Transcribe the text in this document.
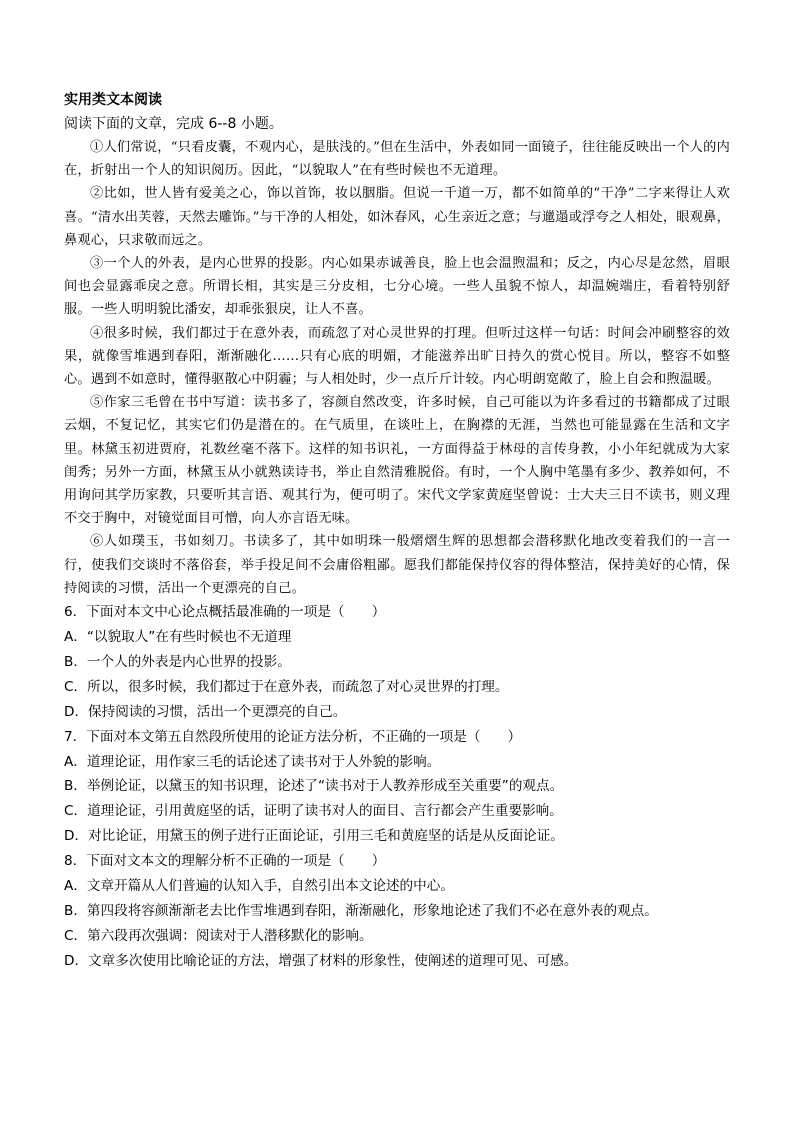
实用类文本阅读

阅读下面的文章，完成 6--8 小题。

①人们常说，“只看皮囊，不观内心，是肤浅的。”但在生活中，外表如同一面镜子，往往能反映出一个人的内在，折射出一个人的知识阅历。因此，“以貌取人”在有些时候也不无道理。

②比如，世人皆有爱美之心，饰以首饰，妆以胭脂。但说一千道一万，都不如简单的“干净”二字来得让人欢喜。“清水出芙蓉，天然去雕饰。”与干净的人相处，如沐春风，心生亲近之意；与邋遢或浮夸之人相处，眼观鼻，鼻观心，只求敬而远之。

③一个人的外表，是内心世界的投影。内心如果赤诚善良，脸上也会温煦温和；反之，内心尽是忿然，眉眼间也会显露乖戾之意。所谓长相，其实是三分皮相，七分心境。一些人虽貌不惊人，却温婉端庄，看着特别舒服。一些人明明貌比潘安，却乖张狠戾，让人不喜。

④很多时候，我们都过于在意外表，而疏忽了对心灵世界的打理。但听过这样一句话：时间会冲刷整容的效果，就像雪堆遇到春阳，渐渐融化……只有心底的明媚，才能滋养出旷日持久的赏心悦目。所以，整容不如整心。遇到不如意时，懂得驱散心中阴霾；与人相处时，少一点斤斤计较。内心明朗宽敞了，脸上自会和煦温暖。

⑤作家三毛曾在书中写道：读书多了，容颜自然改变，许多时候，自己可能以为许多看过的书籍都成了过眼云烟，不复记忆，其实它们仍是潜在的。在气质里，在谈吐上，在胸襟的无涯，当然也可能显露在生活和文字里。林黛玉初进贾府，礼数丝毫不落下。这样的知书识礼，一方面得益于林母的言传身教，小小年纪就成为大家闺秀；另外一方面，林黛玉从小就熟读诗书，举止自然清雅脱俗。有时，一个人胸中笔墨有多少、教养如何，不用询问其学历家教，只要听其言语、观其行为，便可明了。宋代文学家黄庭坚曾说：士大夫三日不读书，则义理不交于胸中，对镜觉面目可憎，向人亦言语无味。

⑥人如璞玉，书如刻刀。书读多了，其中如明珠一般熠熠生辉的思想都会潜移默化地改变着我们的一言一行，使我们交谈时不落俗套，举手投足间不会庸俗粗鄙。愿我们都能保持仪容的得体整洁，保持美好的心情，保持阅读的习惯，活出一个更漂亮的自己。

6．下面对本文中心论点概括最准确的一项是（　　）

A．“以貌取人”在有些时候也不无道理

B．一个人的外表是内心世界的投影。

C．所以，很多时候，我们都过于在意外表，而疏忽了对心灵世界的打理。

D．保持阅读的习惯，活出一个更漂亮的自己。

7．下面对本文第五自然段所使用的论证方法分析，不正确的一项是（　　）

A．道理论证，用作家三毛的话论述了读书对于人外貌的影响。

B．举例论证，以黛玉的知书识理，论述了“读书对于人教养形成至关重要”的观点。

C．道理论证，引用黄庭坚的话，证明了读书对人的面目、言行都会产生重要影响。

D．对比论证，用黛玉的例子进行正面论证，引用三毛和黄庭坚的话是从反面论证。

8．下面对文本文的理解分析不正确的一项是（　　）

A．文章开篇从人们普遍的认知入手，自然引出本文论述的中心。

B．第四段将容颜渐渐老去比作雪堆遇到春阳，渐渐融化，形象地论述了我们不必在意外表的观点。

C．第六段再次强调：阅读对于人潜移默化的影响。

D．文章多次使用比喻论证的方法，增强了材料的形象性，使阐述的道理可见、可感。
